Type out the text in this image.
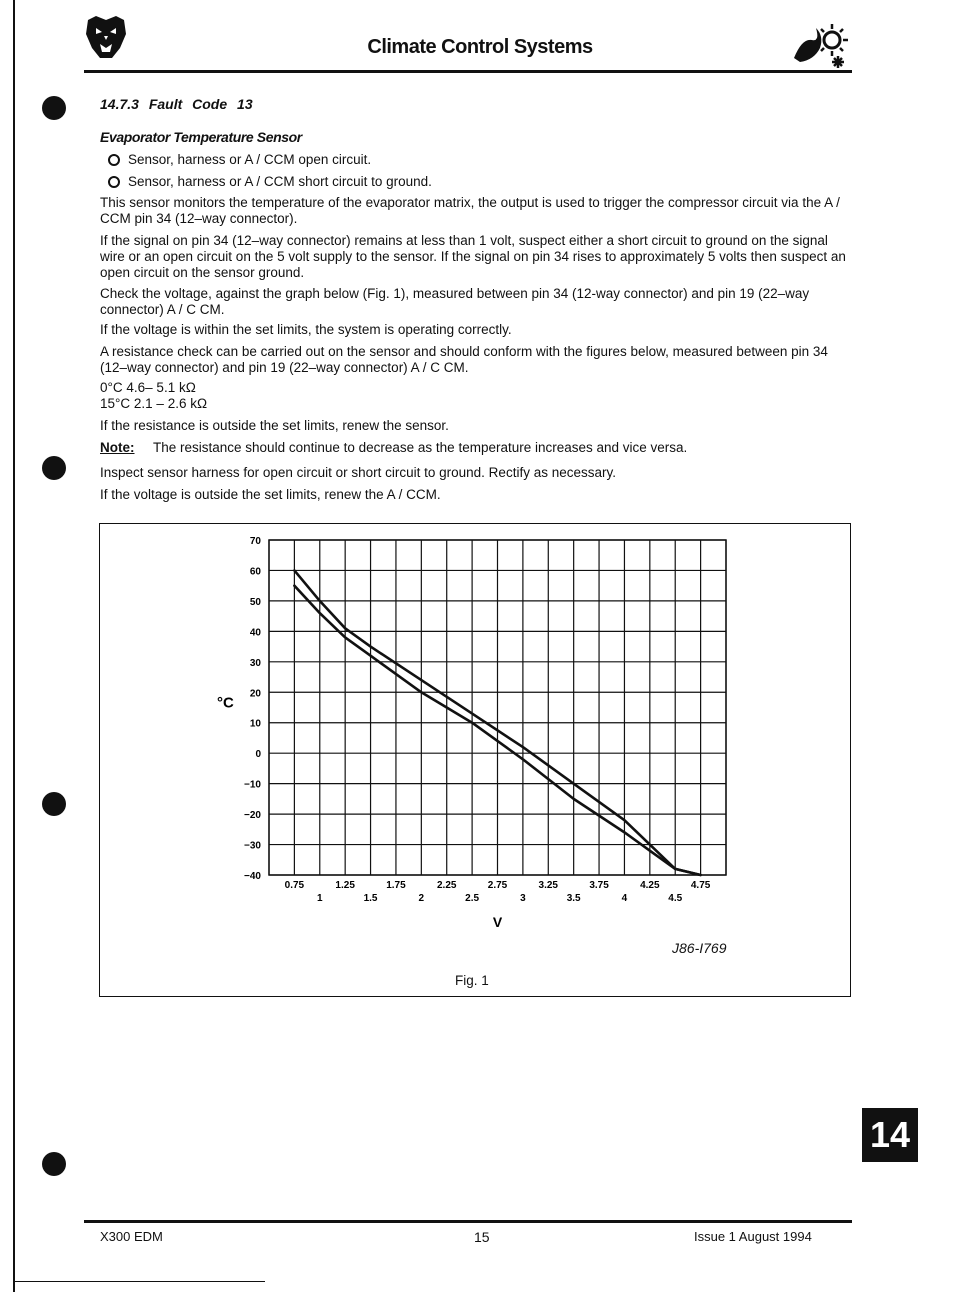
Climate Control Systems
14.7.3 Fault Code 13
Evaporator Temperature Sensor
Sensor, harness or A / CCM open circuit.
Sensor, harness or A / CCM short circuit to ground.
This sensor monitors the temperature of the evaporator matrix, the output is used to trigger the compressor circuit via the A / CCM pin 34 (12–way connector).
If the signal on pin 34 (12–way connector) remains at less than 1 volt, suspect either a short circuit to ground on the signal wire or an open circuit on the 5 volt supply to the sensor. If the signal on pin 34 rises to approximately 5 volts then suspect an open circuit on the sensor ground.
Check the voltage, against the graph below (Fig. 1), measured between pin 34 (12-way connector) and pin 19 (22–way connector) A / C CM.
If the voltage is within the set limits, the system is operating correctly.
A resistance check can be carried out on the sensor and should conform with the figures below, measured between pin 34 (12–way connector) and pin 19 (22–way connector) A / C CM.
0°C 4.6– 5.1 kΩ
15°C 2.1 – 2.6 kΩ
If the resistance is outside the set limits, renew the sensor.
Note: The resistance should continue to decrease as the temperature increases and vice versa.
Inspect sensor harness for open circuit or short circuit to ground. Rectify as necessary.
If the voltage is outside the set limits, renew the A / CCM.
70
60
50
40
30
20
10
0
−10
−20
−30
−40
0.75	1.25	1.75	2.25	2.75	3.25	3.75	4.25	4.75
1	1.5	2	2.5	3	3.5	4	4.5
V
°C
J86-I769
Fig. 1
14
X300 EDM	15	Issue 1 August 1994
